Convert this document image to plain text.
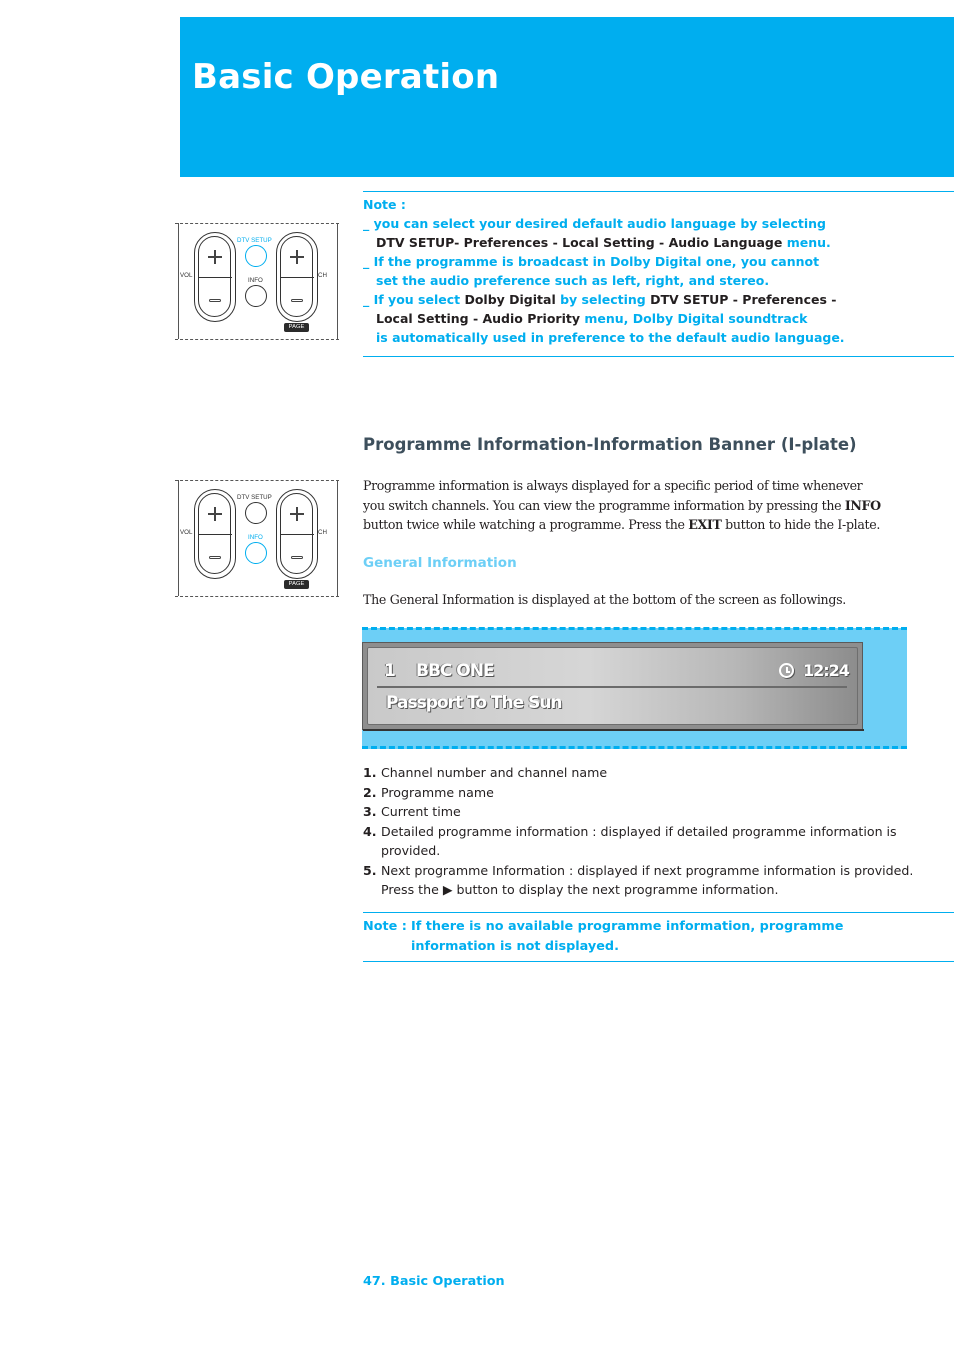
Basic Operation
VOL	CH
DTV SETUP
INFO
PAGE
Note :
_ you can select your desired default audio language by selecting
DTV SETUP- Preferences - Local Setting - Audio Language menu.
_ If the programme is broadcast in Dolby Digital one, you cannot
set the audio preference such as left, right, and stereo.
_ If you select Dolby Digital by selecting DTV SETUP - Preferences -
Local Setting - Audio Priority menu, Dolby Digital soundtrack
is automatically used in preference to the default audio language.
Programme Information-Information Banner (I-plate)
VOL	CH
DTV SETUP
INFO
PAGE

Programme information is always displayed for a specific period of time whenever you switch channels. You can view the programme information by pressing the INFO button twice while watching a programme. Press the EXIT button to hide the I-plate.

General Information

The General Information is displayed at the bottom of the screen as followings.

1 BBC ONE	12:24
Passport To The Sun
1. Channel number and channel name
2. Programme name
3. Current time
4. Detailed programme information : displayed if detailed programme information is provided.
5. Next programme Information : displayed if next programme information is provided. Press the ▶ button to display the next programme information.
Note : If there is no available programme information, programme
information is not displayed.
47. Basic Operation
